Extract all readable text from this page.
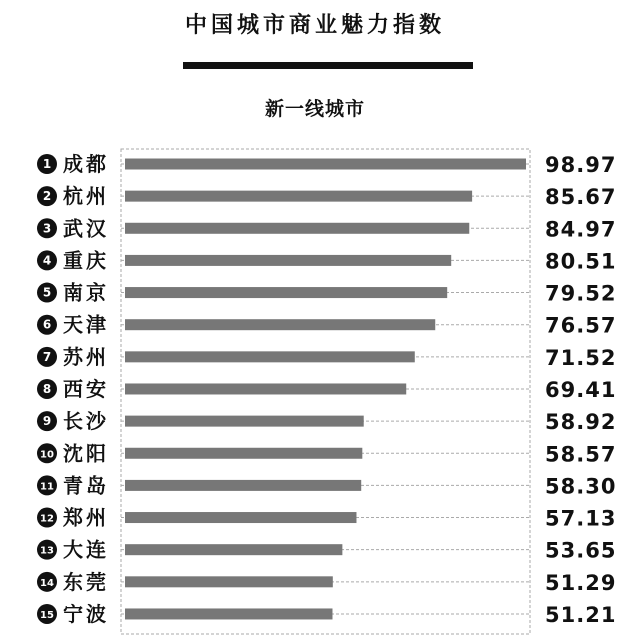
中国城市商业魅力指数
新一线城市
1 成都	98.97
2 杭州	85.67
3 武汉	84.97
4 重庆	80.51
5 南京	79.52
6 天津	76.57
7 苏州	71.52
8 西安	69.41
9 长沙	58.92
10 沈阳	58.57
11 青岛	58.30
12 郑州	57.13
13 大连	53.65
14 东莞	51.29
15 宁波	51.21
